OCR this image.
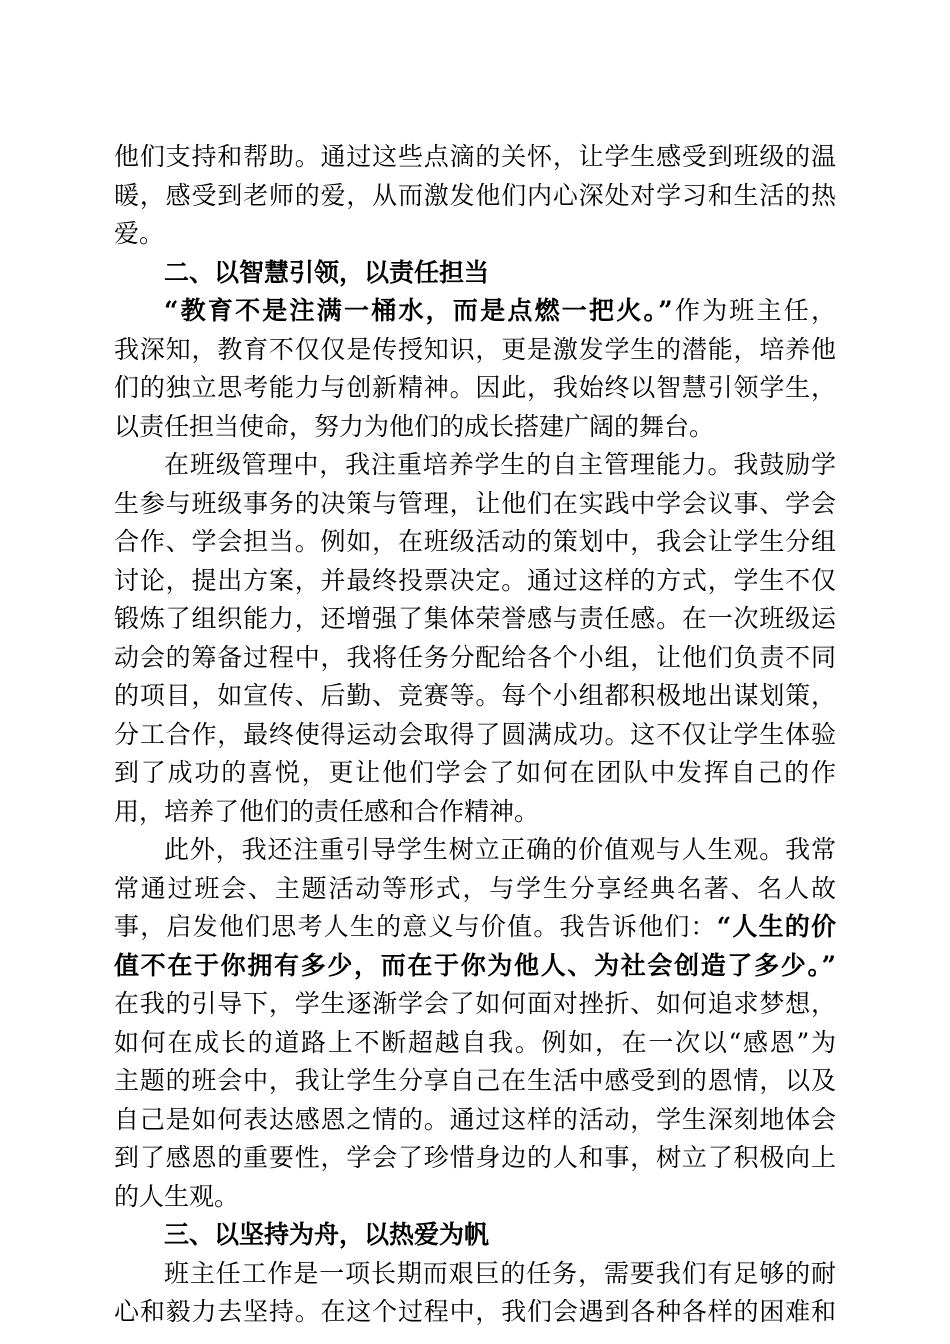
他们支持和帮助。通过这些点滴的关怀，让学生感受到班级的温
暖，感受到老师的爱，从而激发他们内心深处对学习和生活的热
爱。
二、以智慧引领，以责任担当
“教育不是注满一桶水，而是点燃一把火。”作为班主任，
我深知，教育不仅仅是传授知识，更是激发学生的潜能，培养他
们的独立思考能力与创新精神。因此，我始终以智慧引领学生，
以责任担当使命，努力为他们的成长搭建广阔的舞台。
在班级管理中，我注重培养学生的自主管理能力。我鼓励学
生参与班级事务的决策与管理，让他们在实践中学会议事、学会
合作、学会担当。例如，在班级活动的策划中，我会让学生分组
讨论，提出方案，并最终投票决定。通过这样的方式，学生不仅
锻炼了组织能力，还增强了集体荣誉感与责任感。在一次班级运
动会的筹备过程中，我将任务分配给各个小组，让他们负责不同
的项目，如宣传、后勤、竞赛等。每个小组都积极地出谋划策，
分工合作，最终使得运动会取得了圆满成功。这不仅让学生体验
到了成功的喜悦，更让他们学会了如何在团队中发挥自己的作
用，培养了他们的责任感和合作精神。
此外，我还注重引导学生树立正确的价值观与人生观。我常
常通过班会、主题活动等形式，与学生分享经典名著、名人故
事，启发他们思考人生的意义与价值。我告诉他们：“人生的价
值不在于你拥有多少，而在于你为他人、为社会创造了多少。”
在我的引导下，学生逐渐学会了如何面对挫折、如何追求梦想，
如何在成长的道路上不断超越自我。例如，在一次以“感恩”为
主题的班会中，我让学生分享自己在生活中感受到的恩情，以及
自己是如何表达感恩之情的。通过这样的活动，学生深刻地体会
到了感恩的重要性，学会了珍惜身边的人和事，树立了积极向上
的人生观。
三、以坚持为舟，以热爱为帆
班主任工作是一项长期而艰巨的任务，需要我们有足够的耐
心和毅力去坚持。在这个过程中，我们会遇到各种各样的困难和
